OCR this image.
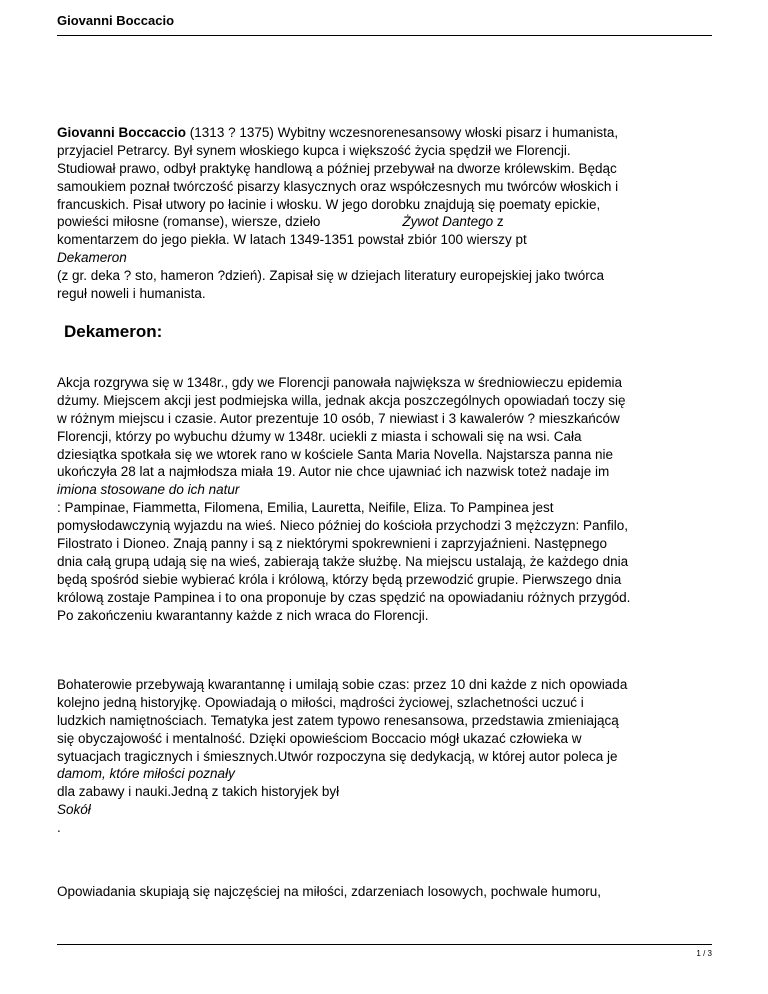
Giovanni Boccacio
Giovanni Boccaccio (1313 ? 1375) Wybitny wczesnorenesansowy włoski pisarz i humanista,
przyjaciel Petrarcy. Był synem włoskiego kupca i większość życia spędził we Florencji.
Studiował prawo, odbył praktykę handlową a później przebywał na dworze królewskim. Będąc
samoukiem poznał twórczość pisarzy klasycznych oraz współczesnych mu twórców włoskich i
francuskich. Pisał utwory po łacinie i włosku. W jego dorobku znajdują się poematy epickie,
powieści miłosne (romanse), wiersze, dzieło	Żywot Dantego z
komentarzem do jego piekła. W latach 1349-1351 powstał zbiór 100 wierszy pt
Dekameron
(z gr. deka ? sto, hameron ?dzień). Zapisał się w dziejach literatury europejskiej jako twórca
reguł noweli i humanista.
Dekameron:
Akcja rozgrywa się w 1348r., gdy we Florencji panowała największa w średniowieczu epidemia
dżumy. Miejscem akcji jest podmiejska willa, jednak akcja poszczególnych opowiadań toczy się
w różnym miejscu i czasie. Autor prezentuje 10 osób, 7 niewiast i 3 kawalerów ? mieszkańców
Florencji, którzy po wybuchu dżumy w 1348r. uciekli z miasta i schowali się na wsi. Cała
dziesiątka spotkała się we wtorek rano w kościele Santa Maria Novella. Najstarsza panna nie
ukończyła 28 lat a najmłodsza miała 19. Autor nie chce ujawniać ich nazwisk toteż nadaje im
imiona stosowane do ich natur
: Pampinae, Fiammetta, Filomena, Emilia, Lauretta, Neifile, Eliza. To Pampinea jest
pomysłodawczynią wyjazdu na wieś. Nieco później do kościoła przychodzi 3 mężczyzn: Panfilo,
Filostrato i Dioneo. Znają panny i są z niektórymi spokrewnieni i zaprzyjaźnieni. Następnego
dnia całą grupą udają się na wieś, zabierają także służbę. Na miejscu ustalają, że każdego dnia
będą spośród siebie wybierać króla i królową, którzy będą przewodzić grupie. Pierwszego dnia
królową zostaje Pampinea i to ona proponuje by czas spędzić na opowiadaniu różnych przygód.
Po zakończeniu kwarantanny każde z nich wraca do Florencji.
Bohaterowie przebywają kwarantannę i umilają sobie czas: przez 10 dni każde z nich opowiada
kolejno jedną historyjkę. Opowiadają o miłości, mądrości życiowej, szlachetności uczuć i
ludzkich namiętnościach. Tematyka jest zatem typowo renesansowa, przedstawia zmieniającą
się obyczajowość i mentalność. Dzięki opowieściom Boccacio mógł ukazać człowieka w
sytuacjach tragicznych i śmiesznych.Utwór rozpoczyna się dedykacją, w której autor poleca je
damom, które miłości poznały
dla zabawy i nauki.Jedną z takich historyjek był
Sokół
.
Opowiadania skupiają się najczęściej na miłości, zdarzeniach losowych, pochwale humoru,
1 / 3
